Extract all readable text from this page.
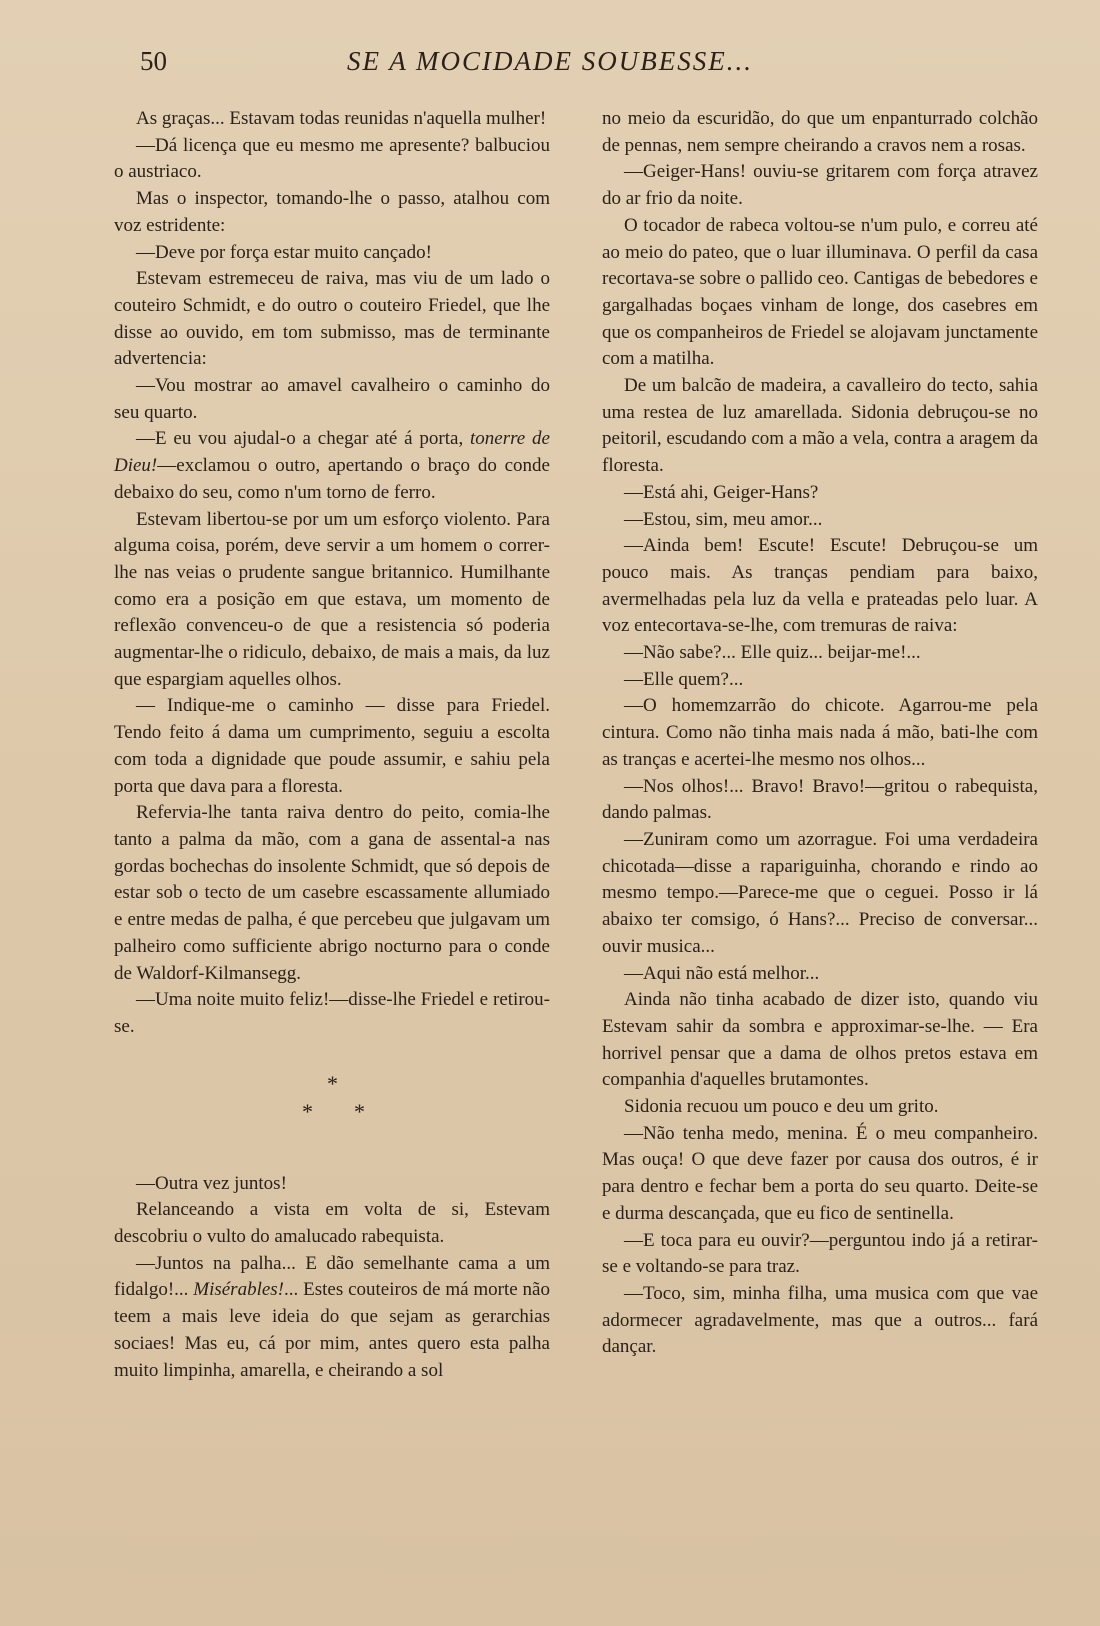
50	SE A MOCIDADE SOUBESSE...

As graças... Estavam todas reunidas n'aquella mulher!

—Dá licença que eu mesmo me apresente? balbuciou o austriaco.

Mas o inspector, tomando-lhe o passo, atalhou com voz estridente:

—Deve por força estar muito cançado!

Estevam estremeceu de raiva, mas viu de um lado o couteiro Schmidt, e do outro o couteiro Friedel, que lhe disse ao ouvido, em tom submisso, mas de terminante advertencia:

—Vou mostrar ao amavel cavalheiro o caminho do seu quarto.

—E eu vou ajudal-o a chegar até á porta, tonerre de Dieu!—exclamou o outro, apertando o braço do conde debaixo do seu, como n'um torno de ferro.

Estevam libertou-se por um um esforço violento. Para alguma coisa, porém, deve servir a um homem o correr-lhe nas veias o prudente sangue britannico. Humilhante como era a posição em que estava, um momento de reflexão convenceu-o de que a resistencia só poderia augmentar-lhe o ridiculo, debaixo, de mais a mais, da luz que espargiam aquelles olhos.

— Indique-me o caminho — disse para Friedel. Tendo feito á dama um cumprimento, seguiu a escolta com toda a dignidade que poude assumir, e sahiu pela porta que dava para a floresta.

Refervia-lhe tanta raiva dentro do peito, comia-lhe tanto a palma da mão, com a gana de assental-a nas gordas bochechas do insolente Schmidt, que só depois de estar sob o tecto de um casebre escassamente allumiado e entre medas de palha, é que percebeu que julgavam um palheiro como sufficiente abrigo nocturno para o conde de Waldorf-Kilmansegg.

—Uma noite muito feliz!—disse-lhe Friedel e retirou-se.

*
* *

—Outra vez juntos!

Relanceando a vista em volta de si, Estevam descobriu o vulto do amalucado rabequista.

—Juntos na palha... E dão semelhante cama a um fidalgo!... Misérables!... Estes couteiros de má morte não teem a mais leve ideia do que sejam as gerarchias sociaes! Mas eu, cá por mim, antes quero esta palha muito limpinha, amarella, e cheirando a sol

no meio da escuridão, do que um enpanturrado colchão de pennas, nem sempre cheirando a cravos nem a rosas.

—Geiger-Hans! ouviu-se gritarem com força atravez do ar frio da noite.

O tocador de rabeca voltou-se n'um pulo, e correu até ao meio do pateo, que o luar illuminava. O perfil da casa recortava-se sobre o pallido ceo. Cantigas de bebedores e gargalhadas boçaes vinham de longe, dos casebres em que os companheiros de Friedel se alojavam junctamente com a matilha.

De um balcão de madeira, a cavalleiro do tecto, sahia uma restea de luz amarellada. Sidonia debruçou-se no peitoril, escudando com a mão a vela, contra a aragem da floresta.

—Está ahi, Geiger-Hans?

—Estou, sim, meu amor...

—Ainda bem! Escute! Escute! Debruçou-se um pouco mais. As tranças pendiam para baixo, avermelhadas pela luz da vella e prateadas pelo luar. A voz entecortava-se-lhe, com tremuras de raiva:

—Não sabe?... Elle quiz... beijar-me!...

—Elle quem?...

—O homemzarrão do chicote. Agarrou-me pela cintura. Como não tinha mais nada á mão, bati-lhe com as tranças e acertei-lhe mesmo nos olhos...

—Nos olhos!... Bravo! Bravo!—gritou o rabequista, dando palmas.

—Zuniram como um azorrague. Foi uma verdadeira chicotada—disse a rapariguinha, chorando e rindo ao mesmo tempo.—Parece-me que o ceguei. Posso ir lá abaixo ter comsigo, ó Hans?... Preciso de conversar... ouvir musica...

—Aqui não está melhor...

Ainda não tinha acabado de dizer isto, quando viu Estevam sahir da sombra e approximar-se-lhe. — Era horrivel pensar que a dama de olhos pretos estava em companhia d'aquelles brutamontes.

Sidonia recuou um pouco e deu um grito.

—Não tenha medo, menina. É o meu companheiro. Mas ouça! O que deve fazer por causa dos outros, é ir para dentro e fechar bem a porta do seu quarto. Deite-se e durma descançada, que eu fico de sentinella.

—E toca para eu ouvir?—perguntou indo já a retirar-se e voltando-se para traz.

—Toco, sim, minha filha, uma musica com que vae adormecer agradavelmente, mas que a outros... fará dançar.
